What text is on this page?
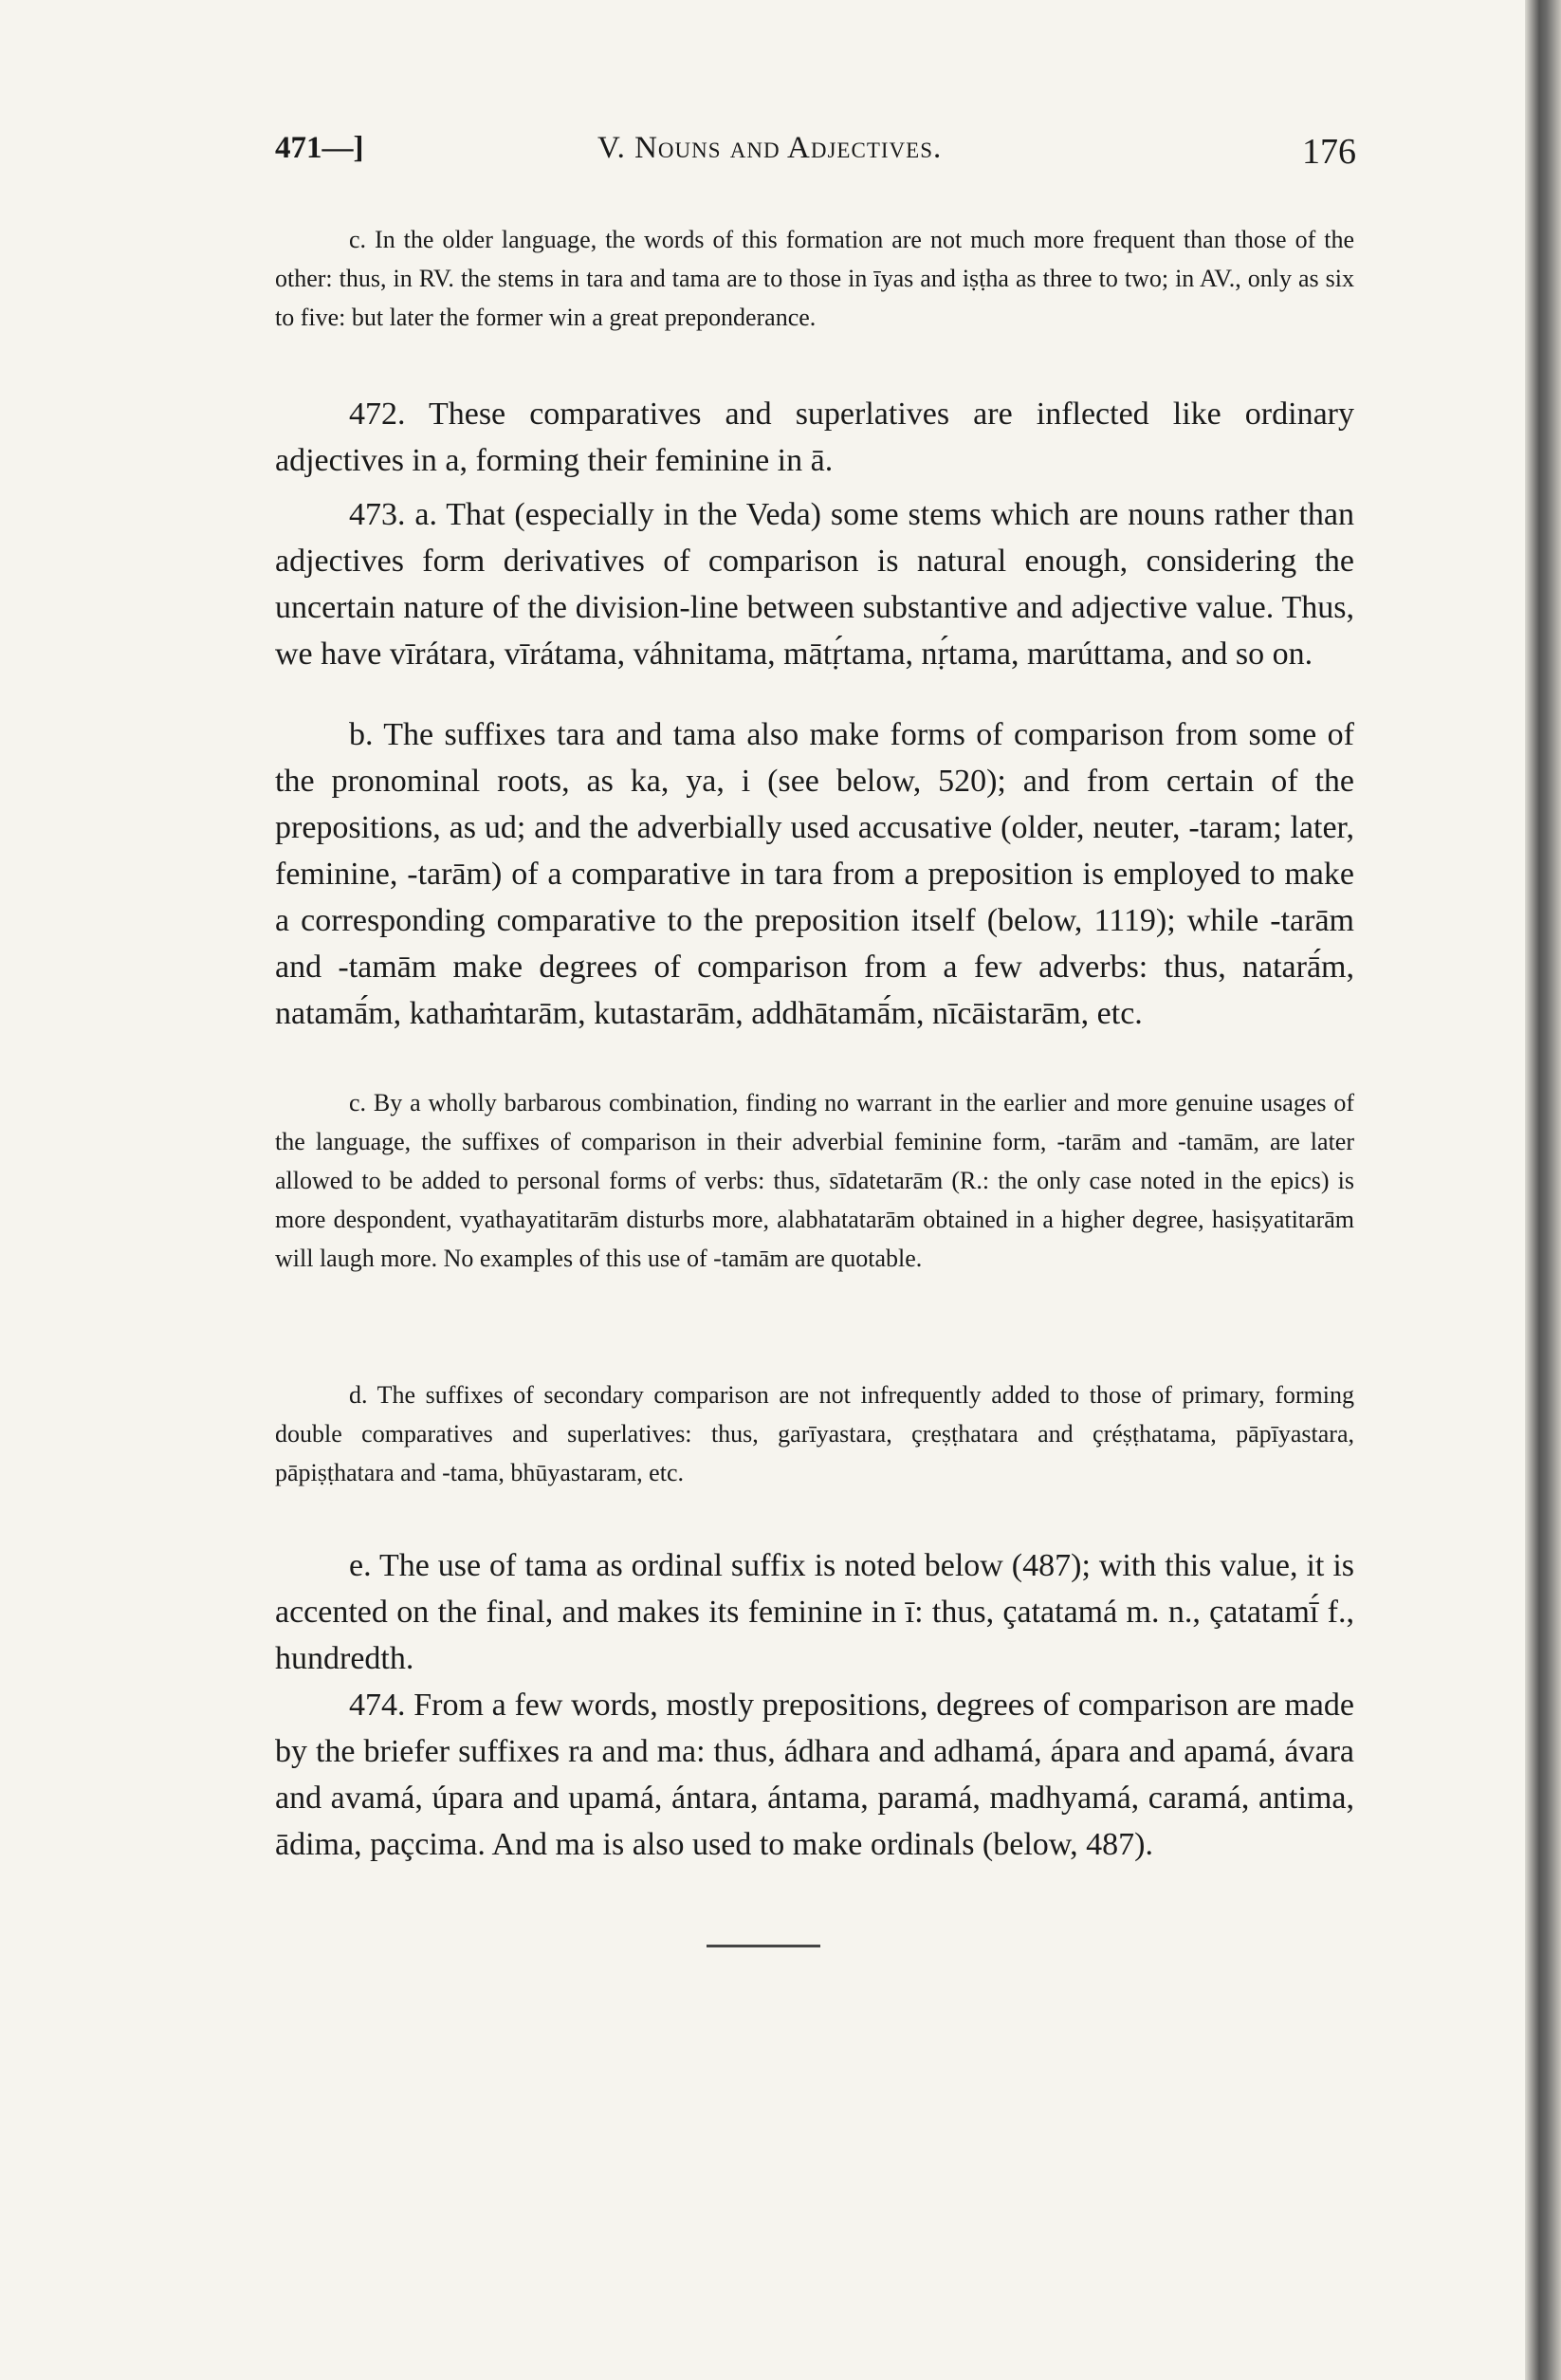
471—]	V. Nouns and Adjectives.	176

c. In the older language, the words of this formation are not much more frequent than those of the other: thus, in RV. the stems in tara and tama are to those in īyas and iṣṭha as three to two; in AV., only as six to five: but later the former win a great preponderance.

472. These comparatives and superlatives are inflected like ordinary adjectives in a, forming their feminine in ā.

473. a. That (especially in the Veda) some stems which are nouns rather than adjectives form derivatives of comparison is natural enough, considering the uncertain nature of the division-line between substantive and adjective value. Thus, we have vīrátara, vīrátama, váhnitama, mātṛ́tama, nṛ́tama, marúttama, and so on.

b. The suffixes tara and tama also make forms of comparison from some of the pronominal roots, as ka, ya, i (see below, 520); and from certain of the prepositions, as ud; and the adverbially used accusative (older, neuter, -taram; later, feminine, -tarām) of a comparative in tara from a preposition is employed to make a corresponding comparative to the preposition itself (below, 1119); while -tarām and -tamām make degrees of comparison from a few adverbs: thus, natarā́m, natamā́m, kathaṁtarām, kutastarām, addhātamā́m, nīcāistarām, etc.

c. By a wholly barbarous combination, finding no warrant in the earlier and more genuine usages of the language, the suffixes of comparison in their adverbial feminine form, -tarām and -tamām, are later allowed to be added to personal forms of verbs: thus, sīdatetarām (R.: the only case noted in the epics) is more despondent, vyathayatitarām disturbs more, alabhatatarām obtained in a higher degree, hasiṣyatitarām will laugh more. No examples of this use of -tamām are quotable.

d. The suffixes of secondary comparison are not infrequently added to those of primary, forming double comparatives and superlatives: thus, garīyastara, çreṣṭhatara and çréṣṭhatama, pāpīyastara, pāpiṣṭhatara and -tama, bhūyastaram, etc.

e. The use of tama as ordinal suffix is noted below (487); with this value, it is accented on the final, and makes its feminine in ī: thus, çatatamá m. n., çatatamī́ f., hundredth.

474. From a few words, mostly prepositions, degrees of comparison are made by the briefer suffixes ra and ma: thus, ádhara and adhamá, ápara and apamá, ávara and avamá, úpara and upamá, ántara, ántama, paramá, madhyamá, caramá, antima, ādima, paçcima. And ma is also used to make ordinals (below, 487).
